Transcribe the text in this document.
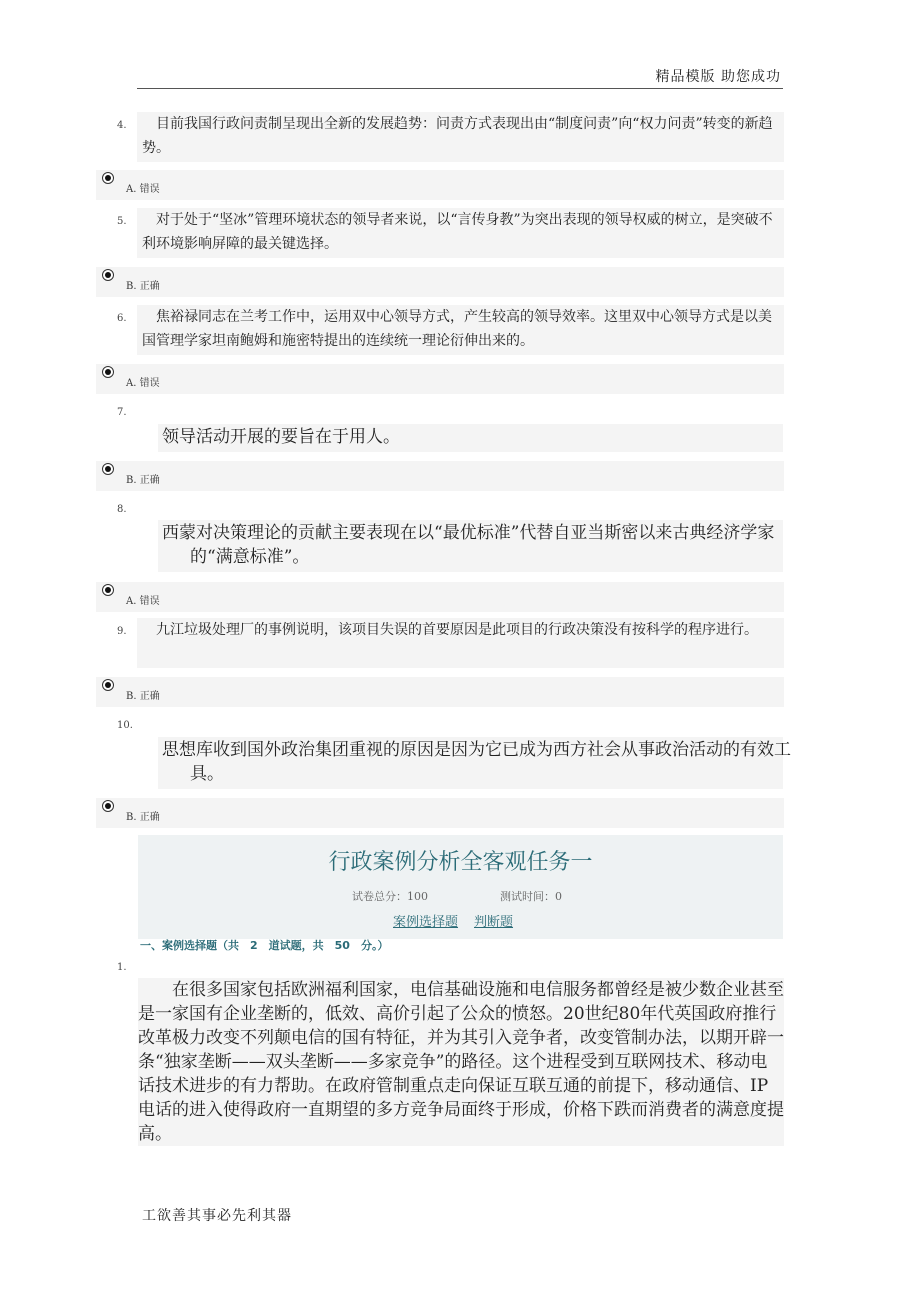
精品模版 助您成功
4.	目前我国行政问责制呈现出全新的发展趋势：问责方式表现出由“制度问责”向“权力问责”转变的新趋势。
A. 错误
5.	对于处于“坚冰”管理环境状态的领导者来说，以“言传身教”为突出表现的领导权威的树立，是突破不利环境影响屏障的最关键选择。
B. 正确
6.	焦裕禄同志在兰考工作中，运用双中心领导方式，产生较高的领导效率。这里双中心领导方式是以美国管理学家坦南鲍姆和施密特提出的连续统一理论衍伸出来的。
A. 错误
7.
领导活动开展的要旨在于用人。
B. 正确
8.
西蒙对决策理论的贡献主要表现在以“最优标准”代替自亚当斯密以来古典经济学家的“满意标准”。
A. 错误
9.	九江垃圾处理厂的事例说明，该项目失误的首要原因是此项目的行政决策没有按科学的程序进行。
B. 正确
10.
思想库收到国外政治集团重视的原因是因为它已成为西方社会从事政治活动的有效工具。
B. 正确
行政案例分析全客观任务一
试卷总分：100	测试时间：0
案例选择题 判断题
一、案例选择题（共　2　道试题，共　50　分。）
1.

在很多国家包括欧洲福利国家，电信基础设施和电信服务都曾经是被少数企业甚至是一家国有企业垄断的，低效、高价引起了公众的愤怒。20世纪80年代英国政府推行改革极力改变不列颠电信的国有特征，并为其引入竞争者，改变管制办法，以期开辟一条“独家垄断——双头垄断——多家竞争”的路径。这个进程受到互联网技术、移动电话技术进步的有力帮助。在政府管制重点走向保证互联互通的前提下，移动通信、IP电话的进入使得政府一直期望的多方竞争局面终于形成，价格下跌而消费者的满意度提高。

工欲善其事必先利其器
